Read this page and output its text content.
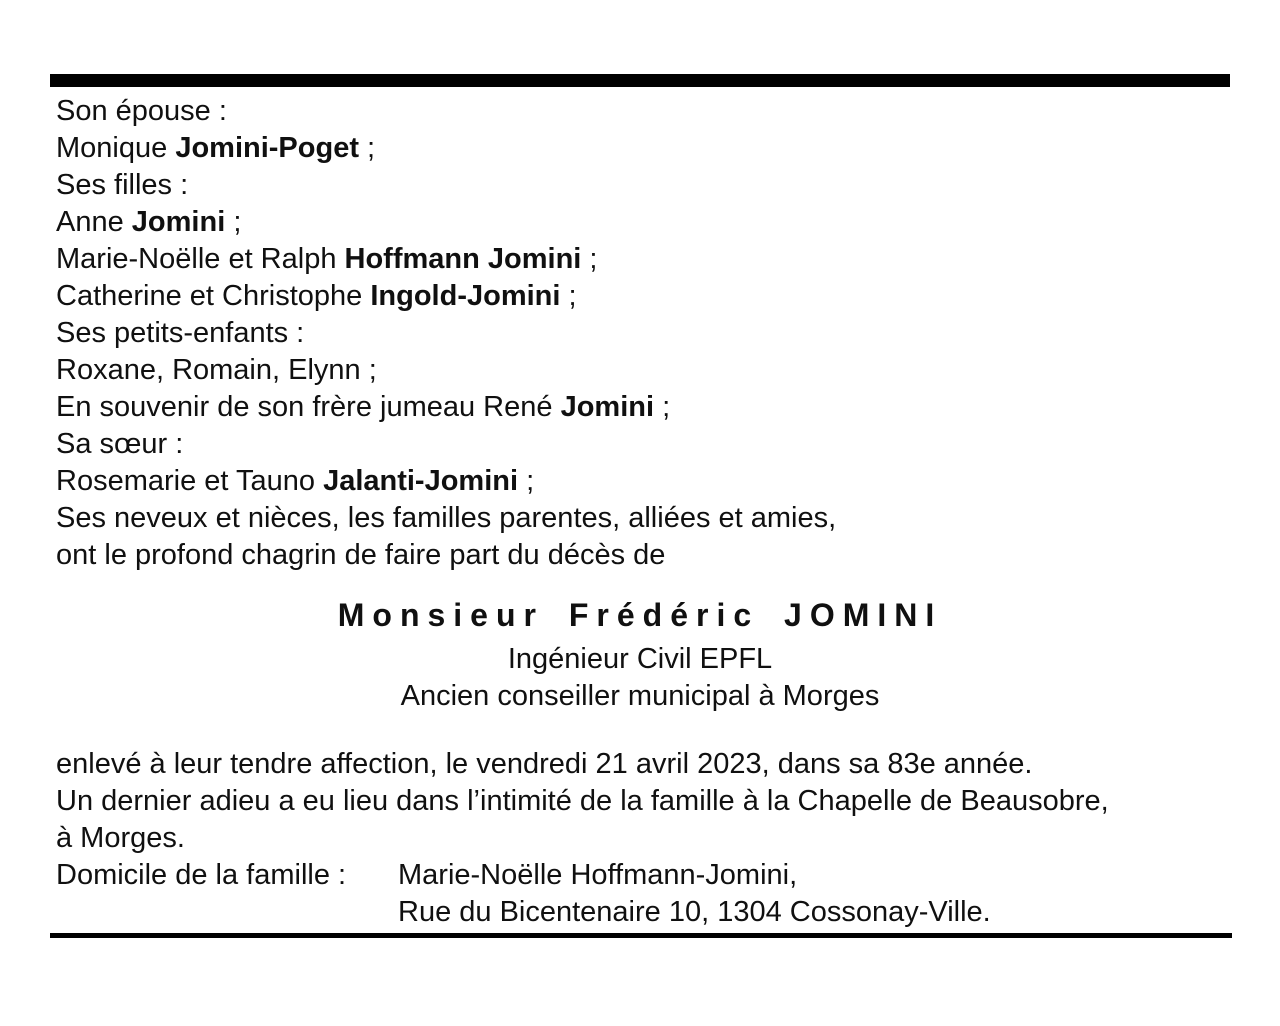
Son épouse :
Monique Jomini-Poget ;
Ses filles :
Anne Jomini ;
Marie-Noëlle et Ralph Hoffmann Jomini ;
Catherine et Christophe Ingold-Jomini ;
Ses petits-enfants :
Roxane, Romain, Elynn ;
En souvenir de son frère jumeau René Jomini ;
Sa sœur :
Rosemarie et Tauno Jalanti-Jomini ;
Ses neveux et nièces, les familles parentes, alliées et amies,
ont le profond chagrin de faire part du décès de
Monsieur Frédéric JOMINI
Ingénieur Civil EPFL
Ancien conseiller municipal à Morges
enlevé à leur tendre affection, le vendredi 21 avril 2023, dans sa 83e année.
Un dernier adieu a eu lieu dans l’intimité de la famille à la Chapelle de Beausobre,
à Morges.
Domicile de la famille :	Marie-Noëlle Hoffmann-Jomini,
Rue du Bicentenaire 10, 1304 Cossonay-Ville.
